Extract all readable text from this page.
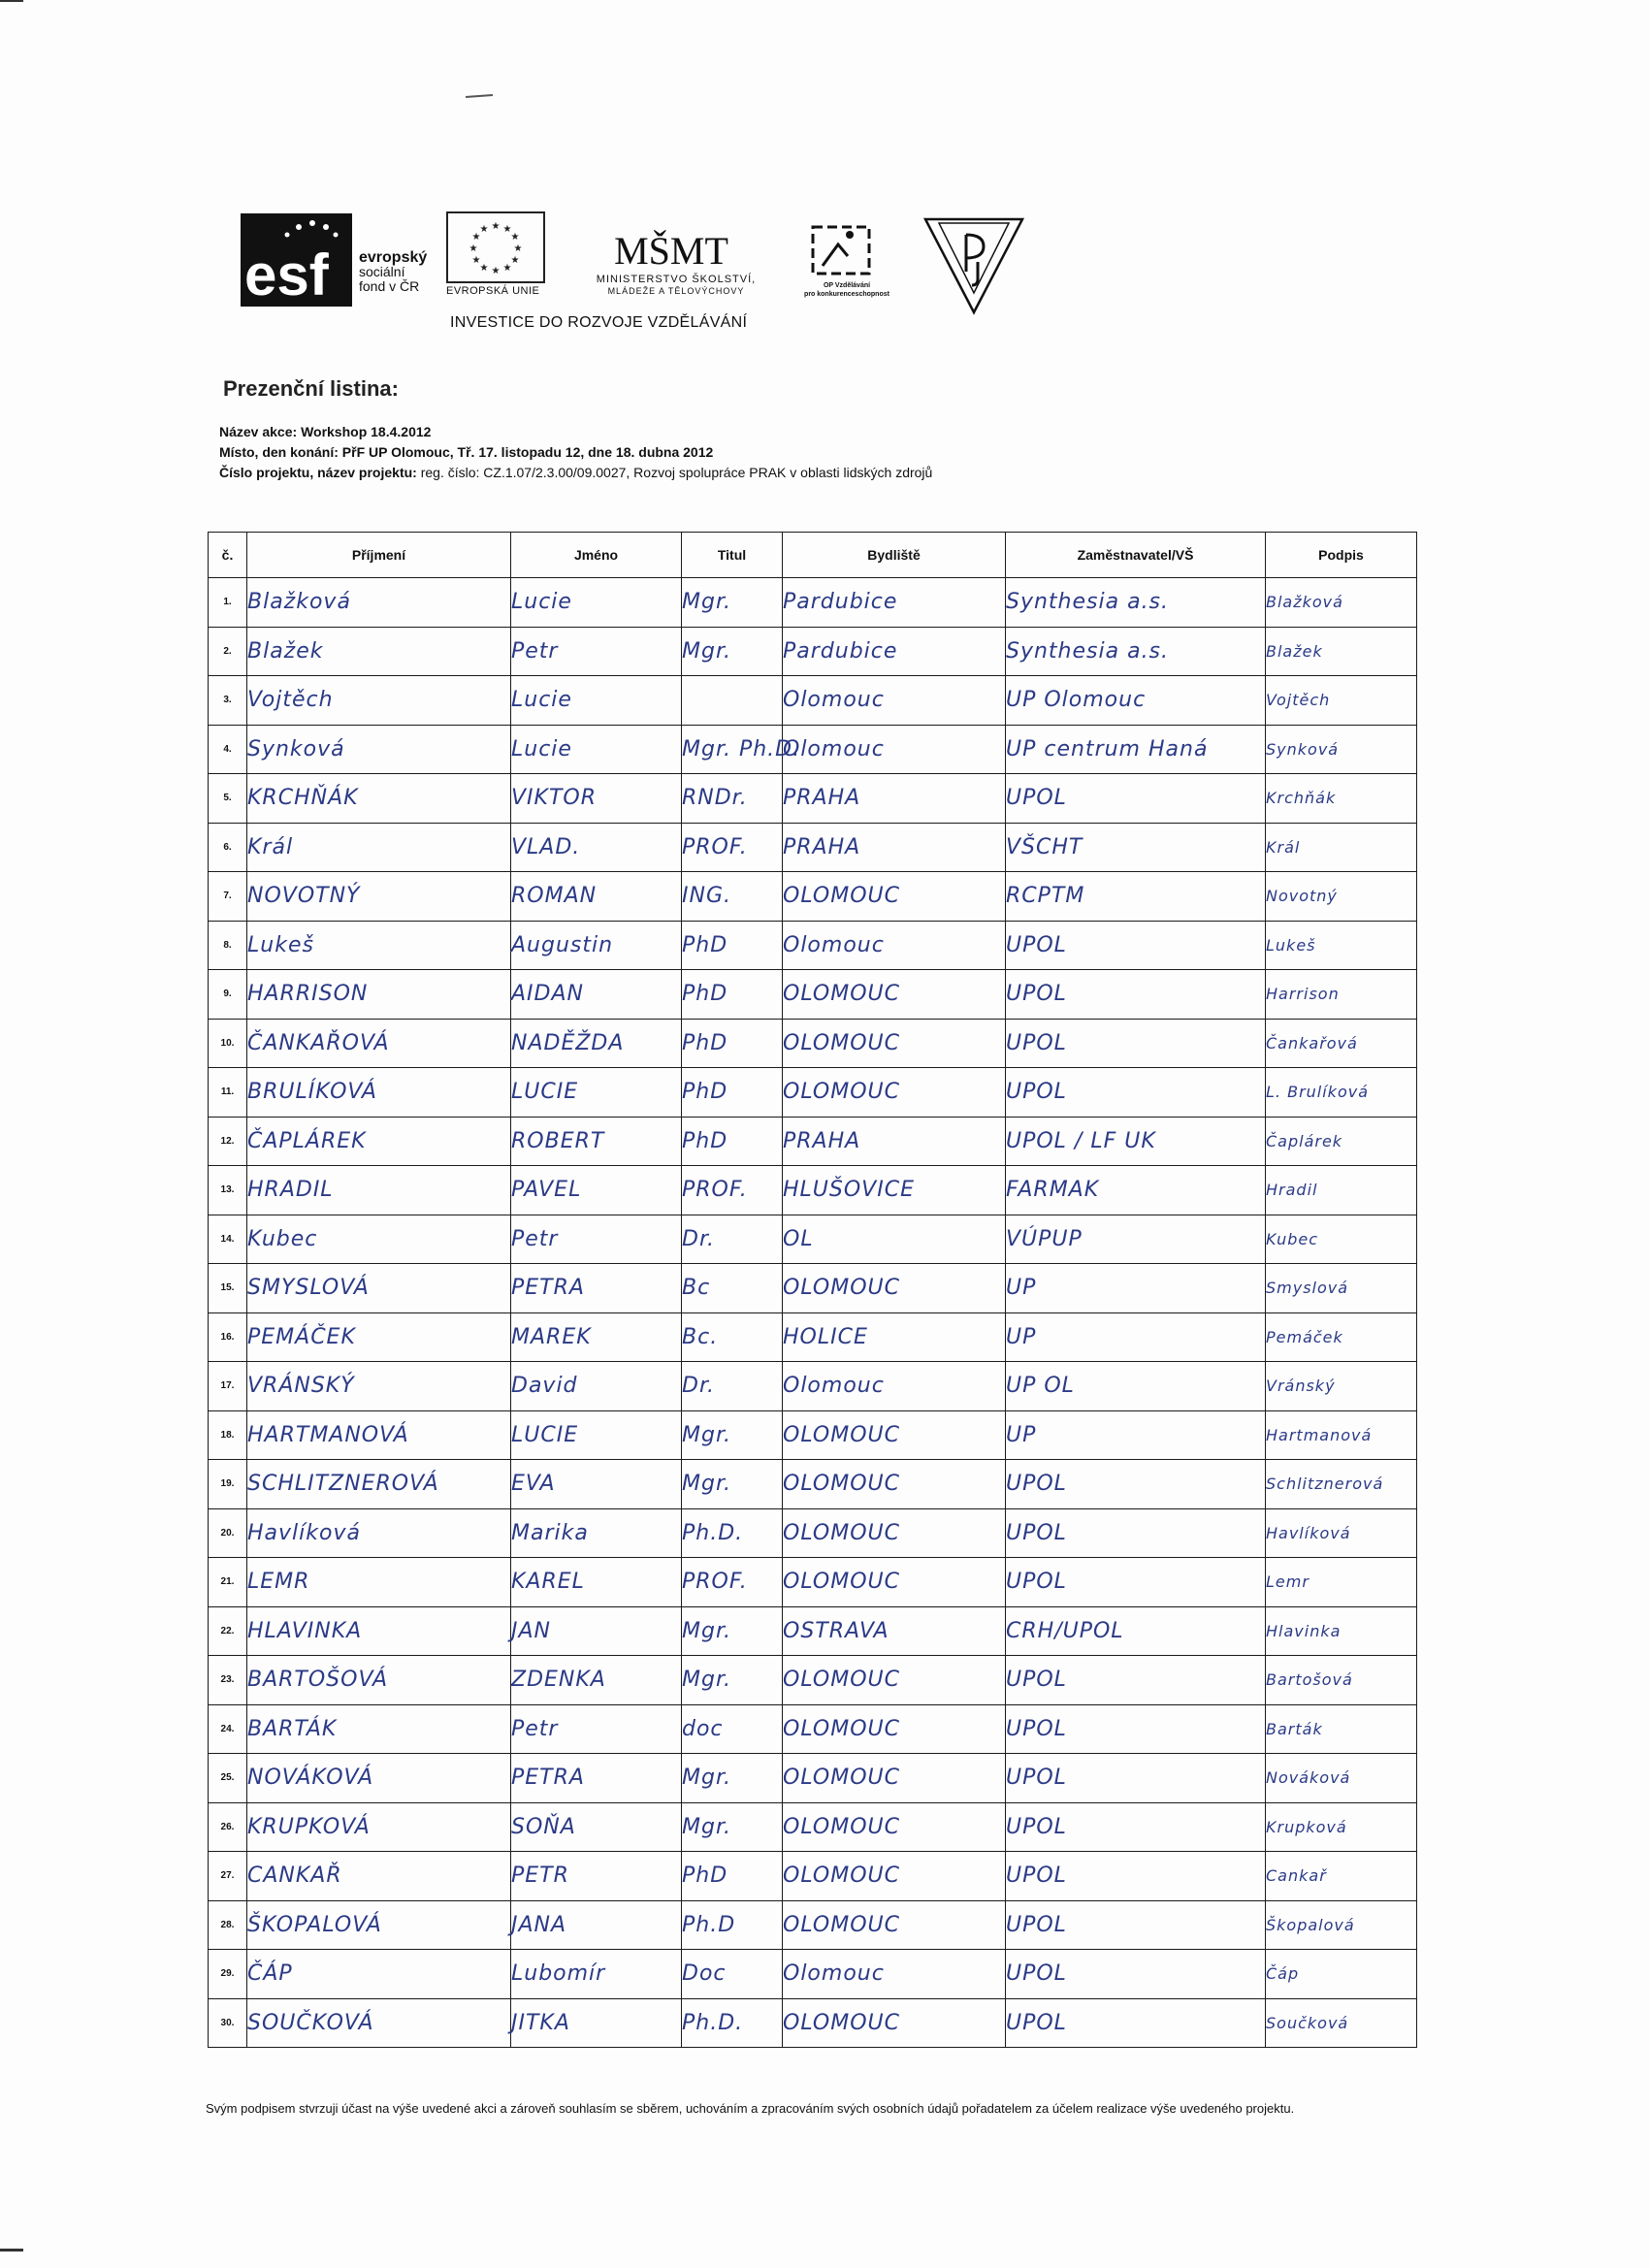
esf evropský
sociální
fond v ČR
★ ★
★
★
★
★
★
★
★
★
★
★
EVROPSKÁ UNIE
MŠMT
MINISTERSTVO ŠKOLSTVÍ,
MLÁDEŽE A TĚLOVÝCHOVY
OP Vzdělávání
pro konkurenceschopnost
INVESTICE DO ROZVOJE VZDĚLÁVÁNÍ
Prezenční listina:
Název akce: Workshop 18.4.2012
Místo, den konání: PřF UP Olomouc, Tř. 17. listopadu 12, dne 18. dubna 2012
Číslo projektu, název projektu: reg. číslo: CZ.1.07/2.3.00/09.0027, Rozvoj spolupráce PRAK v oblasti lidských zdrojů
č.	Příjmení	Jméno	Titul	Bydliště	Zaměstnavatel/VŠ	Podpis
1.	Blažková	Lucie	Mgr.	Pardubice	Synthesia a.s.	Blažková
2.	Blažek	Petr	Mgr.	Pardubice	Synthesia a.s.	Blažek
3.	Vojtěch	Lucie		Olomouc	UP Olomouc	Vojtěch
4.	Synková	Lucie	Mgr. Ph.D.	Olomouc	UP centrum Haná	Synková
5.	KRCHŇÁK	VIKTOR	RNDr.	PRAHA	UPOL	Krchňák
6.	Král	VLAD.	PROF.	PRAHA	VŠCHT	Král
7.	NOVOTNÝ	ROMAN	ING.	OLOMOUC	RCPTM	Novotný
8.	Lukeš	Augustin	PhD	Olomouc	UPOL	Lukeš
9.	HARRISON	AIDAN	PhD	OLOMOUC	UPOL	Harrison
10.	ČANKAŘOVÁ	NADĚŽDA	PhD	OLOMOUC	UPOL	Čankařová
11.	BRULÍKOVÁ	LUCIE	PhD	OLOMOUC	UPOL	L. Brulíková
12.	ČAPLÁREK	ROBERT	PhD	PRAHA	UPOL / LF UK	Čaplárek
13.	HRADIL	PAVEL	PROF.	HLUŠOVICE	FARMAK	Hradil
14.	Kubec	Petr	Dr.	OL	VÚPUP	Kubec
15.	SMYSLOVÁ	PETRA	Bc	OLOMOUC	UP	Smyslová
16.	PEMÁČEK	MAREK	Bc.	HOLICE	UP	Pemáček
17.	VRÁNSKÝ	David	Dr.	Olomouc	UP OL	Vránský
18.	HARTMANOVÁ	LUCIE	Mgr.	OLOMOUC	UP	Hartmanová
19.	SCHLITZNEROVÁ	EVA	Mgr.	OLOMOUC	UPOL	Schlitznerová
20.	Havlíková	Marika	Ph.D.	OLOMOUC	UPOL	Havlíková
21.	LEMR	KAREL	PROF.	OLOMOUC	UPOL	Lemr
22.	HLAVINKA	JAN	Mgr.	OSTRAVA	CRH/UPOL	Hlavinka
23.	BARTOŠOVÁ	ZDENKA	Mgr.	OLOMOUC	UPOL	Bartošová
24.	BARTÁK	Petr	doc	OLOMOUC	UPOL	Barták
25.	NOVÁKOVÁ	PETRA	Mgr.	OLOMOUC	UPOL	Nováková
26.	KRUPKOVÁ	SOŇA	Mgr.	OLOMOUC	UPOL	Krupková
27.	CANKAŘ	PETR	PhD	OLOMOUC	UPOL	Cankař
28.	ŠKOPALOVÁ	JANA	Ph.D	OLOMOUC	UPOL	Škopalová
29.	ČÁP	Lubomír	Doc	Olomouc	UPOL	Čáp
30.	SOUČKOVÁ	JITKA	Ph.D.	OLOMOUC	UPOL	Součková
Svým podpisem stvrzuji účast na výše uvedené akci a zároveň souhlasím se sběrem, uchováním a zpracováním svých osobních údajů pořadatelem za účelem realizace výše uvedeného projektu.
